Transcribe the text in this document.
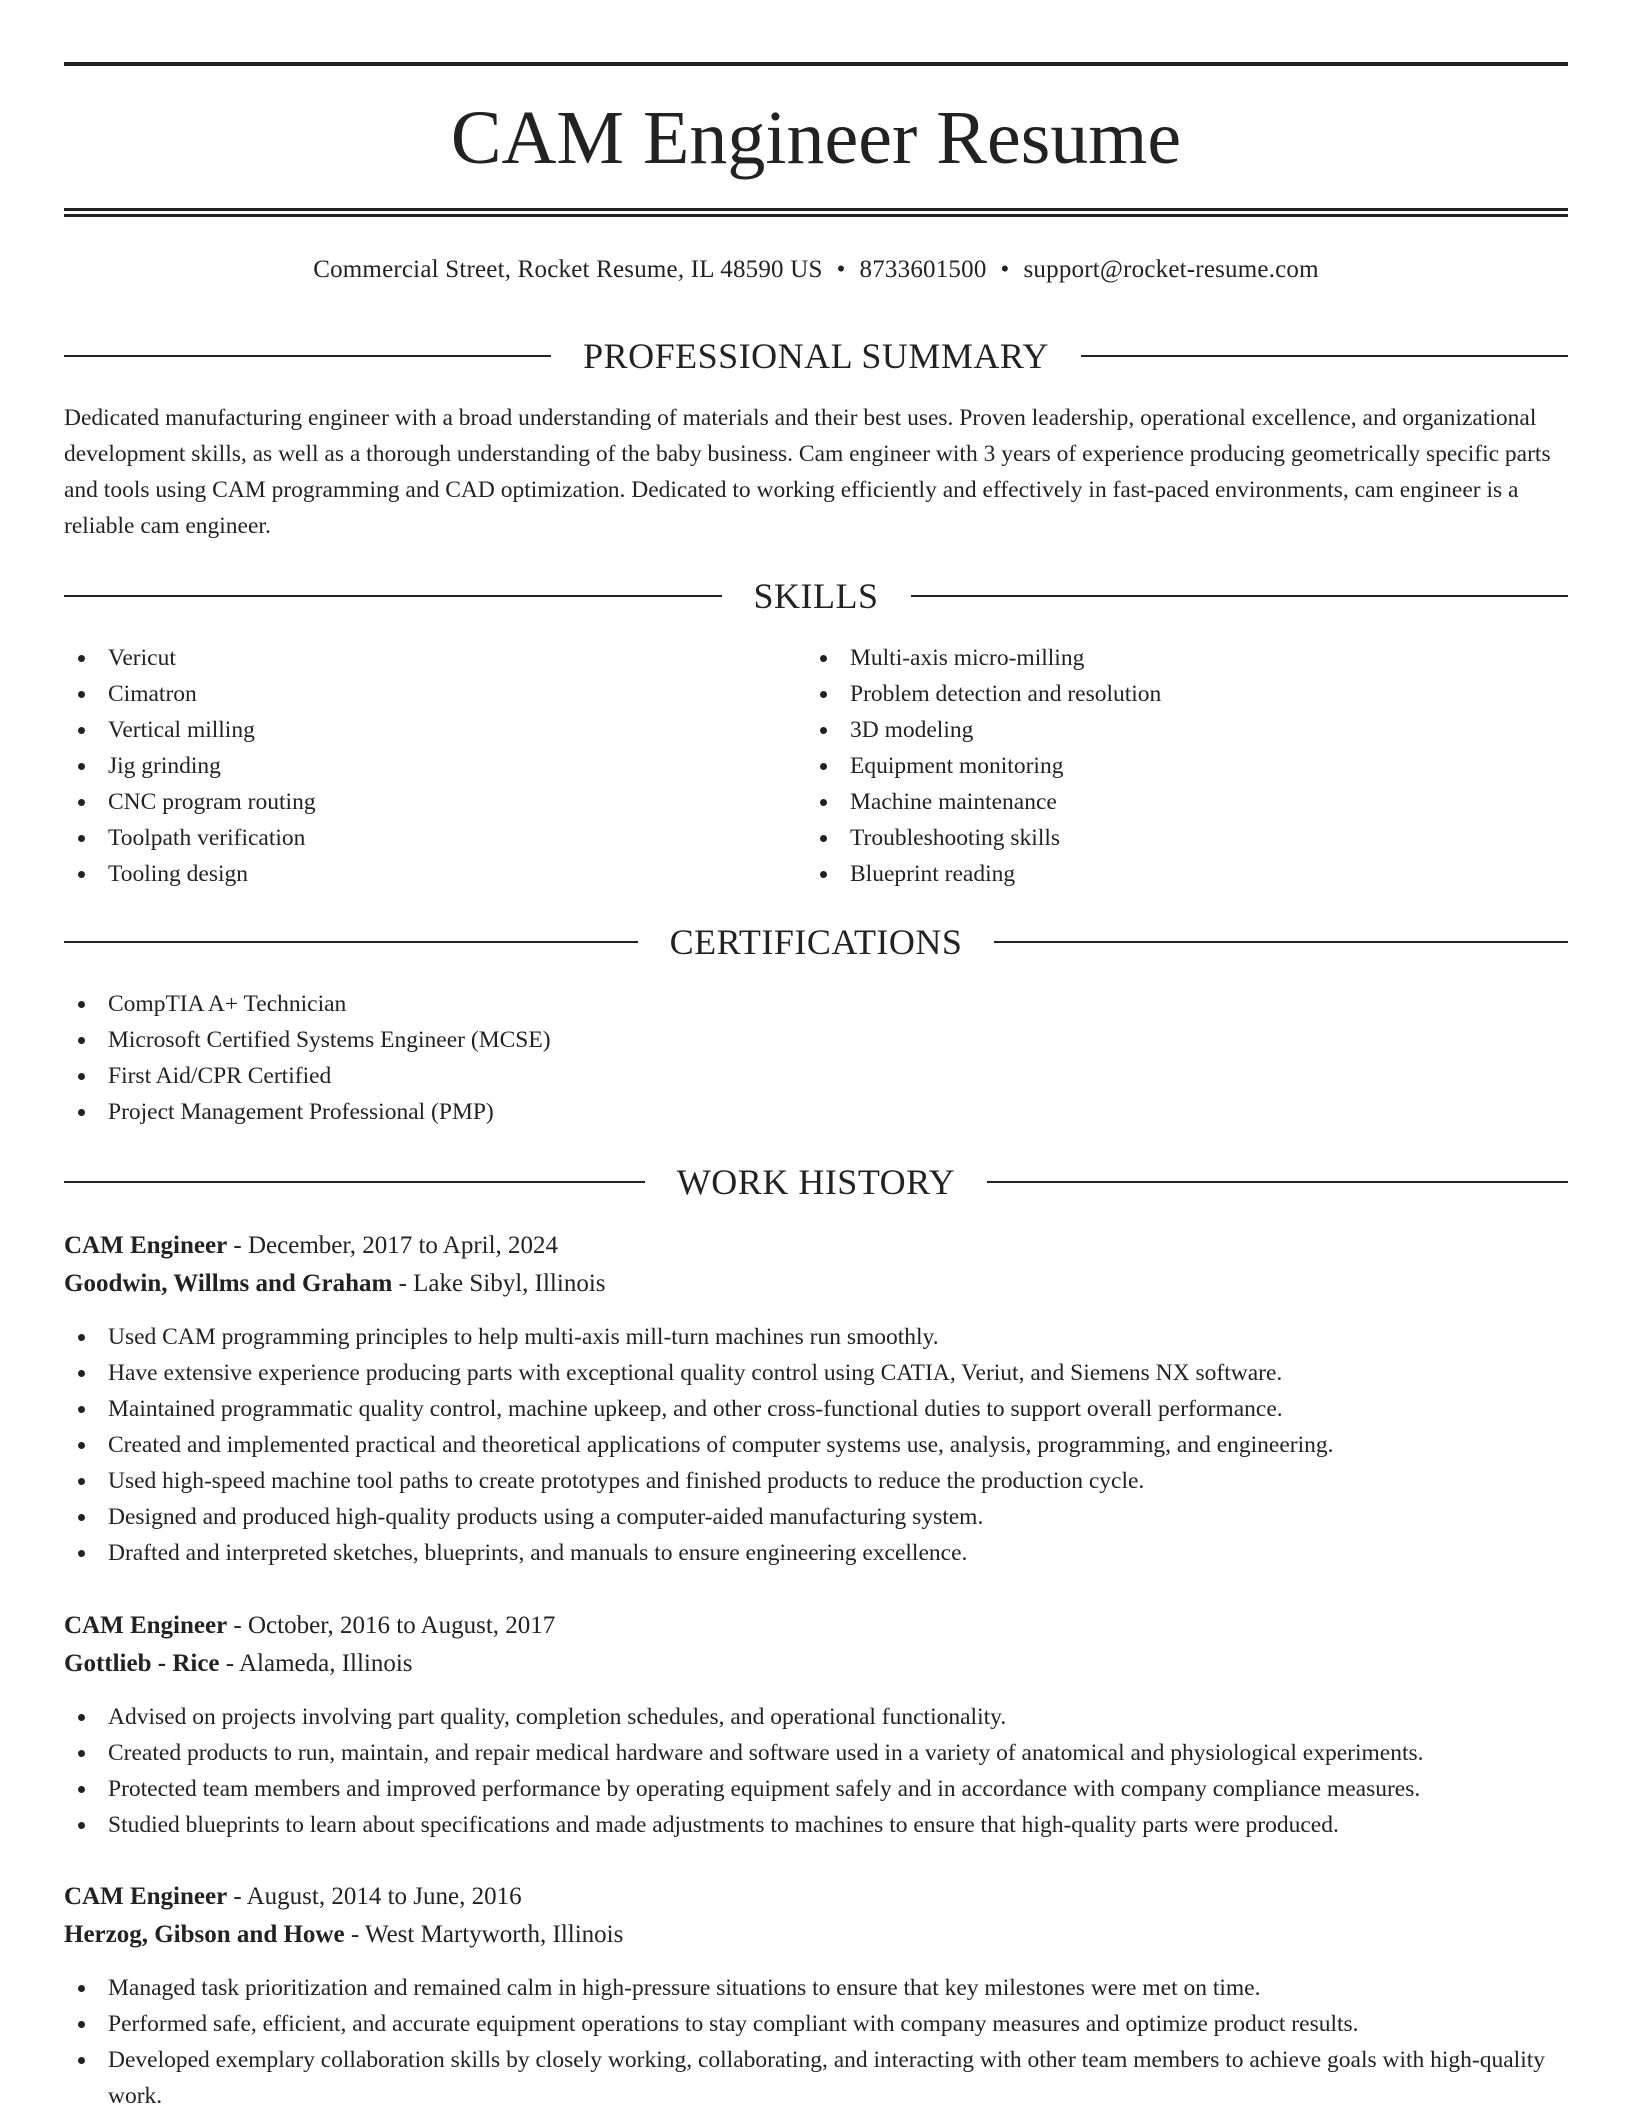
CAM Engineer Resume
Commercial Street, Rocket Resume, IL 48590 US • 8733601500 • support@rocket-resume.com
PROFESSIONAL SUMMARY

Dedicated manufacturing engineer with a broad understanding of materials and their best uses. Proven leadership, operational excellence, and organizational development skills, as well as a thorough understanding of the baby business. Cam engineer with 3 years of experience producing geometrically specific parts and tools using CAM programming and CAD optimization. Dedicated to working efficiently and effectively in fast-paced environments, cam engineer is a reliable cam engineer.

SKILLS
Vericut
Cimatron
Vertical milling
Jig grinding
CNC program routing
Toolpath verification
Tooling design
Multi-axis micro-milling
Problem detection and resolution
3D modeling
Equipment monitoring
Machine maintenance
Troubleshooting skills
Blueprint reading
CERTIFICATIONS
CompTIA A+ Technician
Microsoft Certified Systems Engineer (MCSE)
First Aid/CPR Certified
Project Management Professional (PMP)
WORK HISTORY
CAM Engineer - December, 2017 to April, 2024
Goodwin, Willms and Graham - Lake Sibyl, Illinois
Used CAM programming principles to help multi-axis mill-turn machines run smoothly.
Have extensive experience producing parts with exceptional quality control using CATIA, Veriut, and Siemens NX software.
Maintained programmatic quality control, machine upkeep, and other cross-functional duties to support overall performance.
Created and implemented practical and theoretical applications of computer systems use, analysis, programming, and engineering.
Used high-speed machine tool paths to create prototypes and finished products to reduce the production cycle.
Designed and produced high-quality products using a computer-aided manufacturing system.
Drafted and interpreted sketches, blueprints, and manuals to ensure engineering excellence.
CAM Engineer - October, 2016 to August, 2017
Gottlieb - Rice - Alameda, Illinois
Advised on projects involving part quality, completion schedules, and operational functionality.
Created products to run, maintain, and repair medical hardware and software used in a variety of anatomical and physiological experiments.
Protected team members and improved performance by operating equipment safely and in accordance with company compliance measures.
Studied blueprints to learn about specifications and made adjustments to machines to ensure that high-quality parts were produced.
CAM Engineer - August, 2014 to June, 2016
Herzog, Gibson and Howe - West Martyworth, Illinois
Managed task prioritization and remained calm in high-pressure situations to ensure that key milestones were met on time.
Performed safe, efficient, and accurate equipment operations to stay compliant with company measures and optimize product results.
Developed exemplary collaboration skills by closely working, collaborating, and interacting with other team members to achieve goals with high-quality work.
